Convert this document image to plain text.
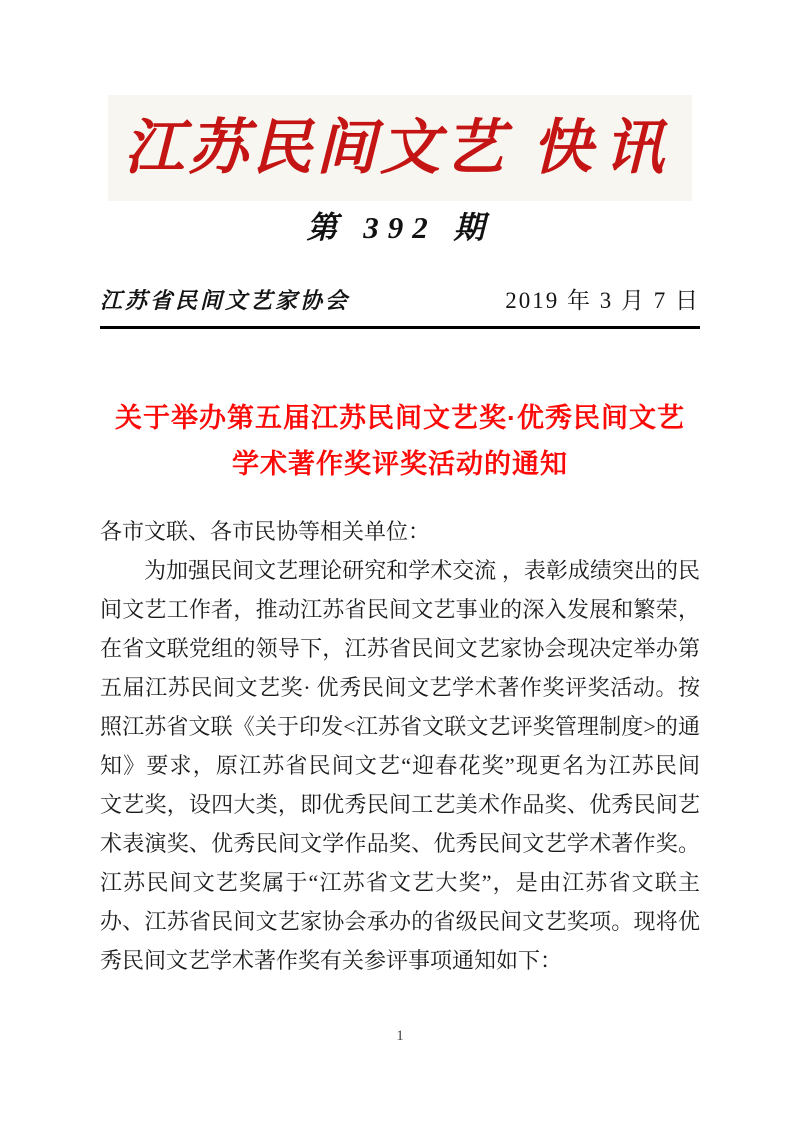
江苏民间文艺 快讯
第 392 期
江苏省民间文艺家协会	2019 年 3 月 7 日
关于举办第五届江苏民间文艺奖·优秀民间文艺
学术著作奖评奖活动的通知
各市文联、各市民协等相关单位：
为加强民间文艺理论研究和学术交流 ，表彰成绩突出的民
间文艺工作者，推动江苏省民间文艺事业的深入发展和繁荣，
在省文联党组的领导下，江苏省民间文艺家协会现决定举办第
五届江苏民间文艺奖· 优秀民间文艺学术著作奖评奖活动。按
照江苏省文联《关于印发<江苏省文联文艺评奖管理制度>的通
知》要求，原江苏省民间文艺“迎春花奖”现更名为江苏民间
文艺奖，设四大类，即优秀民间工艺美术作品奖、优秀民间艺
术表演奖、优秀民间文学作品奖、优秀民间文艺学术著作奖。
江苏民间文艺奖属于“江苏省文艺大奖”，是由江苏省文联主
办、江苏省民间文艺家协会承办的省级民间文艺奖项。现将优
秀民间文艺学术著作奖有关参评事项通知如下：
1
